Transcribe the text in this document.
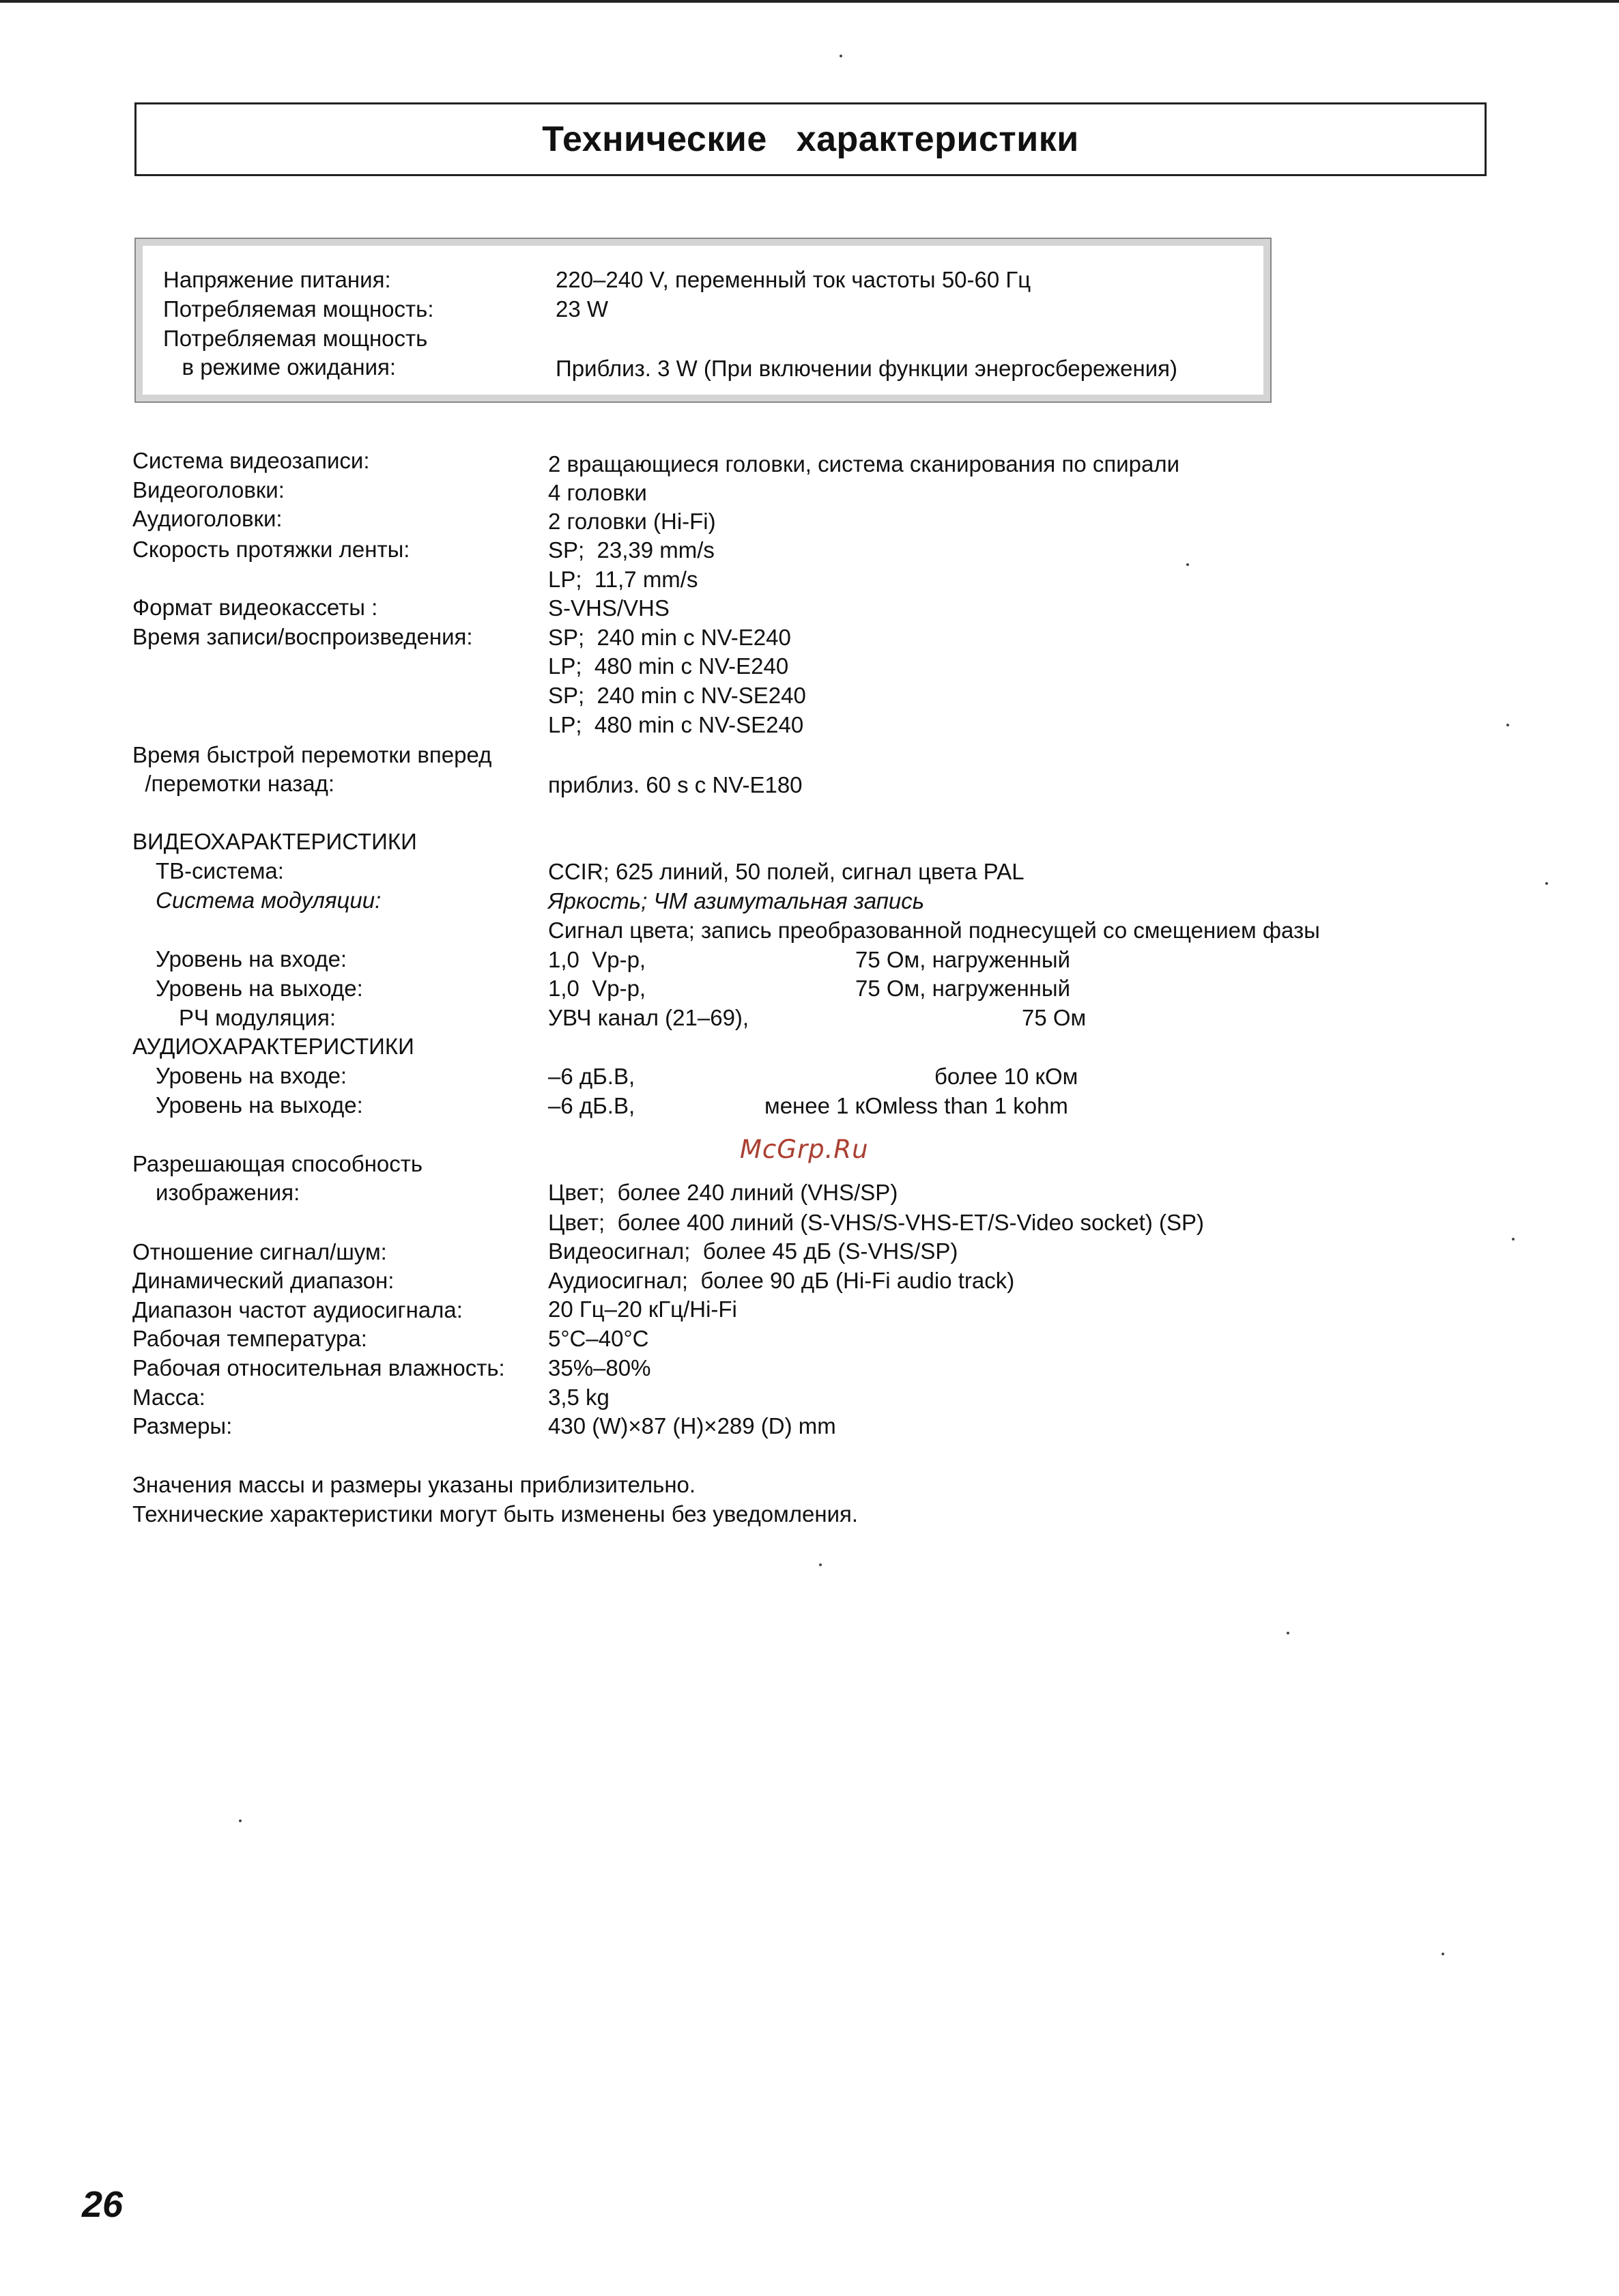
Технические характеристики
Напряжение питания:	220–240 V, переменный ток частоты 50-60 Гц
Потребляемая мощность:	23 W
Потребляемая мощность
в режиме ожидания:	Приблиз. 3 W (При включении функции энергосбережения)
Система видеозаписи:	2 вращающиеся головки, система сканирования по спирали
Видеоголовки:	4 головки
Аудиоголовки:	2 головки (Hi-Fi)
Скорость протяжки ленты:	SP;  23,39 mm/s
LP;  11,7 mm/s
Формат видеокассеты :	S-VHS/VHS
Время записи/воспроизведения:	SP;  240 min c NV-E240
LP;  480 min c NV-E240
SP;  240 min c NV-SE240
LP;  480 min c NV-SE240
Время быстрой перемотки вперед
/перемотки назад:	приблиз. 60 s c NV-E180
ВИДЕОХАРАКТЕРИСТИКИ
ТВ-система:	CCIR; 625 линий, 50 полей, сигнал цвета PAL
Система модуляции:	Яркость; ЧМ азимутальная запись
Сигнал цвета; запись преобразованной поднесущей со смещением фазы
Уровень на входе:	1,0  Vp-p,	75 Ом, нагруженный
Уровень на выходе:	1,0  Vp-p,	75 Ом, нагруженный
РЧ модуляция:	УВЧ канал (21–69),	75 Ом
АУДИОХАРАКТЕРИСТИКИ
Уровень на входе:	–6 дБ.В,	более 10 кОм
Уровень на выходе:	–6 дБ.В,	менее 1 кОмless than 1 kohm
Разрешающая способность
изображения:	Цвет;  более 240 линий (VHS/SP)
Цвет;  более 400 линий (S-VHS/S-VHS-ET/S-Video socket) (SP)
Отношение сигнал/шум:	Видеосигнал;  более 45 дБ (S-VHS/SP)
Динамический диапазон:	Аудиосигнал;  более 90 дБ (Hi-Fi audio track)
Диапазон частот аудиосигнала:	20 Гц–20 кГц/Hi-Fi
Рабочая температура:	5°C–40°C
Рабочая относительная влажность: 35%–80%
Масса:	3,5 kg
Размеры:	430 (W)×87 (H)×289 (D) mm
McGrp.Ru
Значения массы и размеры указаны приблизительно.
Технические характеристики могут быть изменены без уведомления.
26
